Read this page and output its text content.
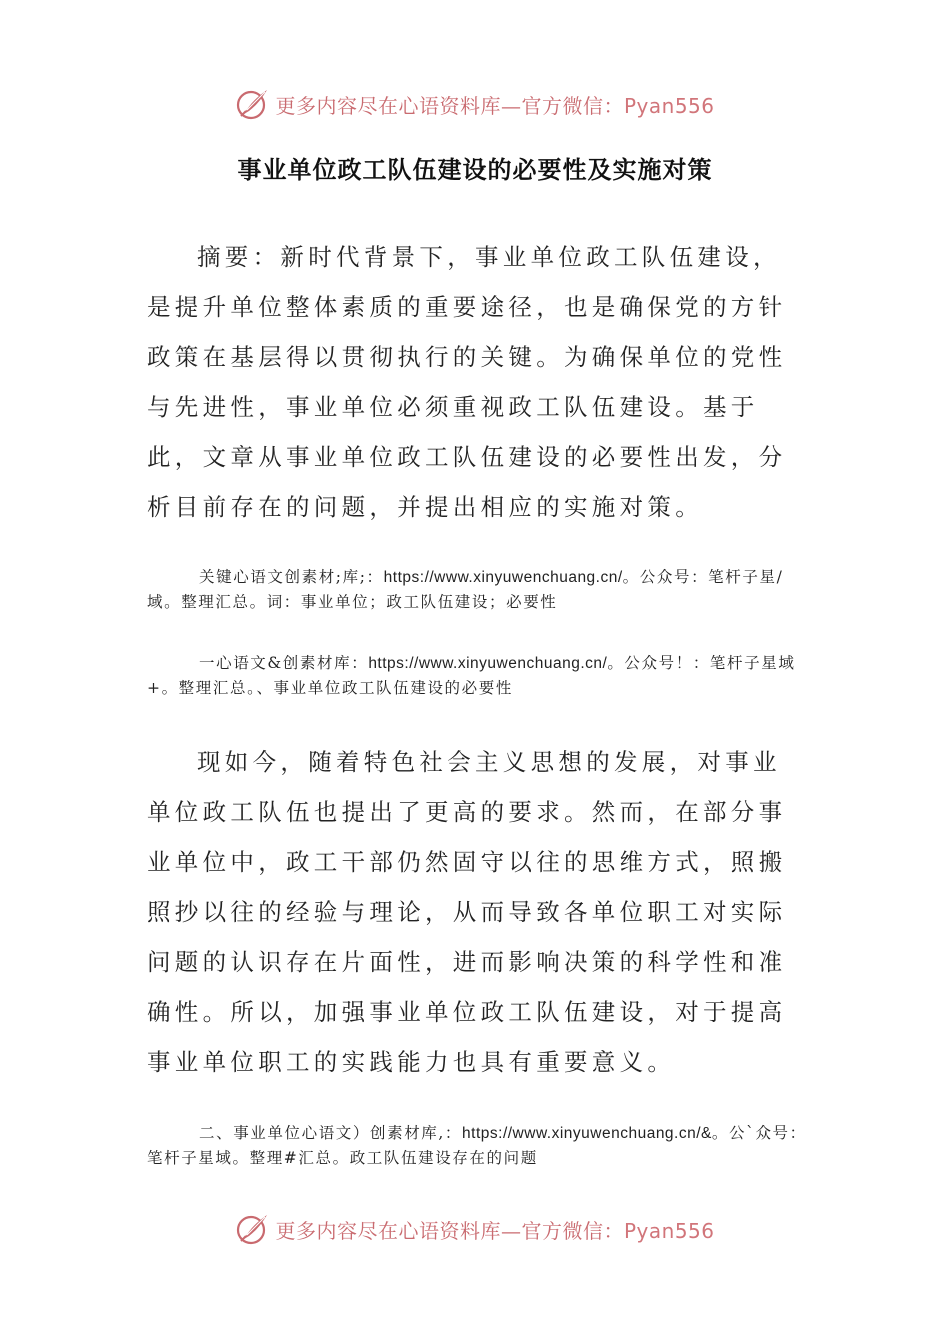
更多内容尽在心语资料库—官方微信：Pyan556
事业单位政工队伍建设的必要性及实施对策

摘要：新时代背景下，事业单位政工队伍建设，是提升单位整体素质的重要途径，也是确保党的方针政策在基层得以贯彻执行的关键。为确保单位的党性与先进性，事业单位必须重视政工队伍建设。基于此，文章从事业单位政工队伍建设的必要性出发，分析目前存在的问题，并提出相应的实施对策。

关键心语文创素材;库;：https://www.xinyuwenchuang.cn/。公众号：笔杆子星/域。整理汇总。词：事业单位；政工队伍建设；必要性

一心语文&创素材库：https://www.xinyuwenchuang.cn/。公众号！：笔杆子星域+。整理汇总。、事业单位政工队伍建设的必要性

现如今，随着特色社会主义思想的发展，对事业单位政工队伍也提出了更高的要求。然而，在部分事业单位中，政工干部仍然固守以往的思维方式，照搬照抄以往的经验与理论，从而导致各单位职工对实际问题的认识存在片面性，进而影响决策的科学性和准确性。所以，加强事业单位政工队伍建设，对于提高事业单位职工的实践能力也具有重要意义。

二、事业单位心语文）创素材库,：https://www.xinyuwenchuang.cn/&。公`众号：笔杆子星域。整理#汇总。政工队伍建设存在的问题

更多内容尽在心语资料库—官方微信：Pyan556
